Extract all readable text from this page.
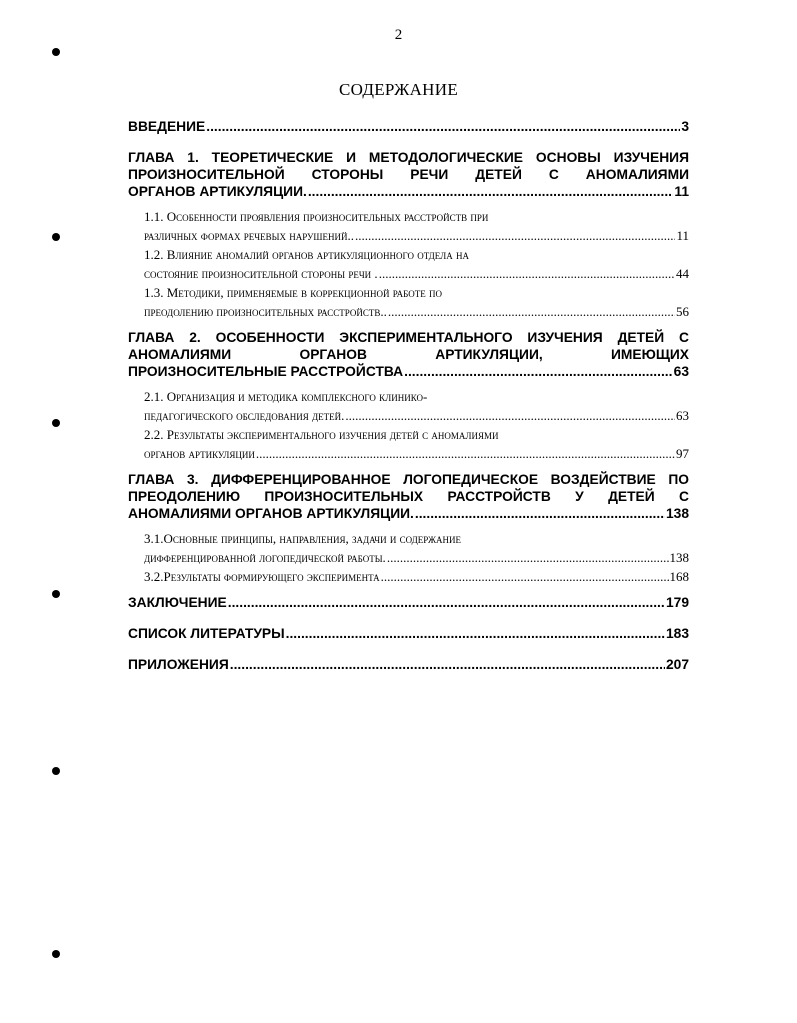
2
СОДЕРЖАНИЕ
ВВЕДЕНИЕ .....	3
ГЛАВА 1. ТЕОРЕТИЧЕСКИЕ И МЕТОДОЛОГИЧЕСКИЕ ОСНОВЫ ИЗУЧЕНИЯ
ПРОИЗНОСИТЕЛЬНОЙ СТОРОНЫ РЕЧИ ДЕТЕЙ С АНОМАЛИЯМИ
ОРГАНОВ АРТИКУЛЯЦИИ. .....	11
1.1. Особенности проявления произносительных расстройств при
различных формах речевых нарушений.. .....	11
1.2. Влияние аномалий органов артикуляционного отдела на
состояние произносительной стороны речи . .....	44
1.3. Методики, применяемые в коррекционной работе по
преодолению произносительных расстройств.. .....	56
ГЛАВА 2. ОСОБЕННОСТИ ЭКСПЕРИМЕНТАЛЬНОГО ИЗУЧЕНИЯ ДЕТЕЙ С
АНОМАЛИЯМИ ОРГАНОВ АРТИКУЛЯЦИИ, ИМЕЮЩИХ
ПРОИЗНОСИТЕЛЬНЫЕ РАССТРОЙСТВА .....	63
2.1. Организация и методика комплексного клинико-
педагогического обследования детей. .....	63
2.2. Результаты экспериментального изучения детей с аномалиями
органов артикуляции .....	97
ГЛАВА 3. ДИФФЕРЕНЦИРОВАННОЕ ЛОГОПЕДИЧЕСКОЕ ВОЗДЕЙСТВИЕ ПО
ПРЕОДОЛЕНИЮ ПРОИЗНОСИТЕЛЬНЫХ РАССТРОЙСТВ У ДЕТЕЙ С
АНОМАЛИЯМИ ОРГАНОВ АРТИКУЛЯЦИИ. .....	138
3.1.Основные принципы, направления, задачи и содержание
дифференцированной логопедической работы. .....	138
3.2.Результаты формирующего эксперимента .....	168
ЗАКЛЮЧЕНИЕ .....	179
СПИСОК ЛИТЕРАТУРЫ .....	183
ПРИЛОЖЕНИЯ .....	207
